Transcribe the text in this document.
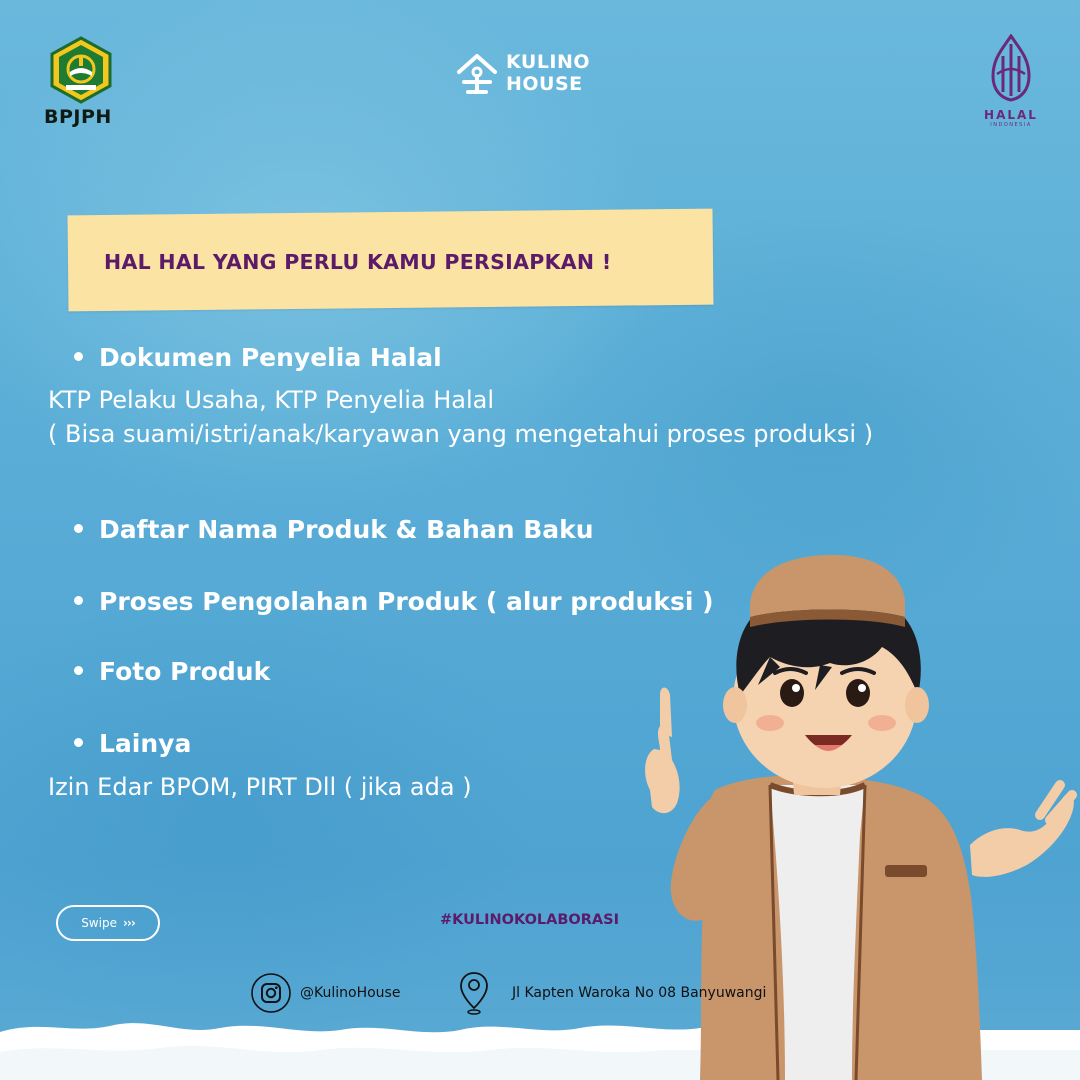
BPJPH
KULINO
HOUSE
HALAL
INDONESIA
HAL HAL YANG PERLU KAMU PERSIAPKAN !
Dokumen Penyelia Halal
KTP Pelaku Usaha, KTP Penyelia Halal
( Bisa suami/istri/anak/karyawan yang mengetahui proses produksi )
Daftar Nama Produk & Bahan Baku
Proses Pengolahan Produk ( alur produksi )
Foto Produk
Lainya
Izin Edar BPOM, PIRT Dll ( jika ada )
Swipe ›››	#KULINOKOLABORASI
@KulinoHouse	Jl Kapten Waroka No 08 Banyuwangi
